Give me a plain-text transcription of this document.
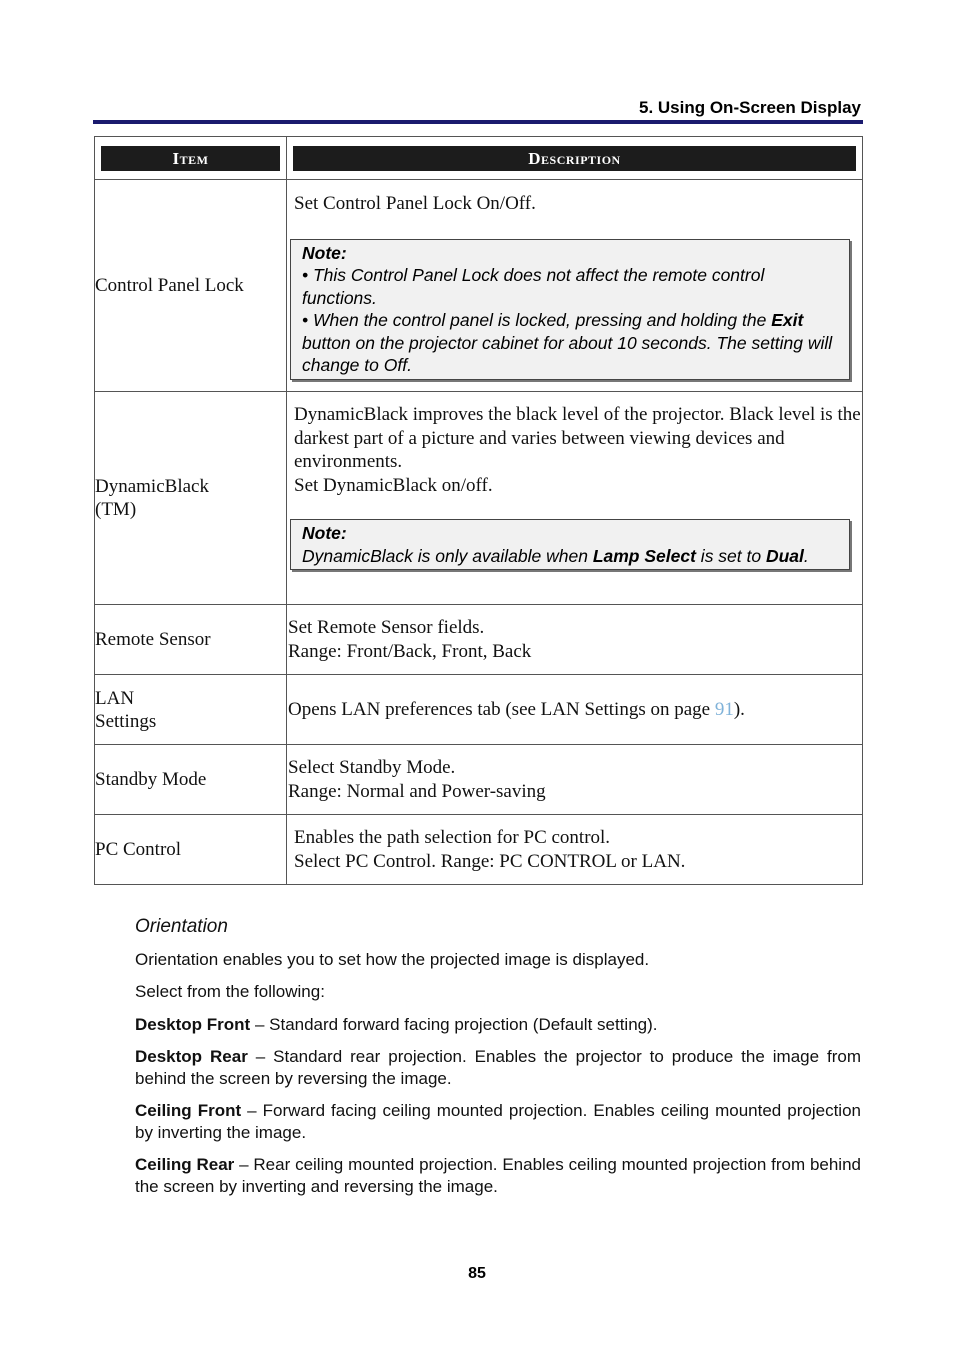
5. Using On-Screen Display
Item	Description

Control Panel Lock	Set Control Panel Lock On/Off.
Note:
• This Control Panel Lock does not affect the remote control functions.
• When the control panel is locked, pressing and holding the Exit button on the projector cabinet for about 10 seconds. The setting will change to Off.

DynamicBlack (TM)	DynamicBlack improves the black level of the projector. Black level is the darkest part of a picture and varies between viewing devices and environments.
Set DynamicBlack on/off.
Note:
DynamicBlack is only available when Lamp Select is set to Dual.

Remote Sensor	Set Remote Sensor fields.
Range: Front/Back, Front, Back

LAN
Settings	Opens LAN preferences tab (see LAN Settings on page 91).

Standby Mode	Select Standby Mode.
Range: Normal and Power-saving

PC Control	Enables the path selection for PC control.
Select PC Control. Range: PC CONTROL or LAN.
Orientation
Orientation enables you to set how the projected image is displayed.
Select from the following:
Desktop Front – Standard forward facing projection (Default setting).
Desktop Rear – Standard rear projection. Enables the projector to produce the image from behind the screen by reversing the image.
Ceiling Front – Forward facing ceiling mounted projection. Enables ceiling mounted projection by inverting the image.
Ceiling Rear – Rear ceiling mounted projection. Enables ceiling mounted projection from behind the screen by inverting and reversing the image.
85
